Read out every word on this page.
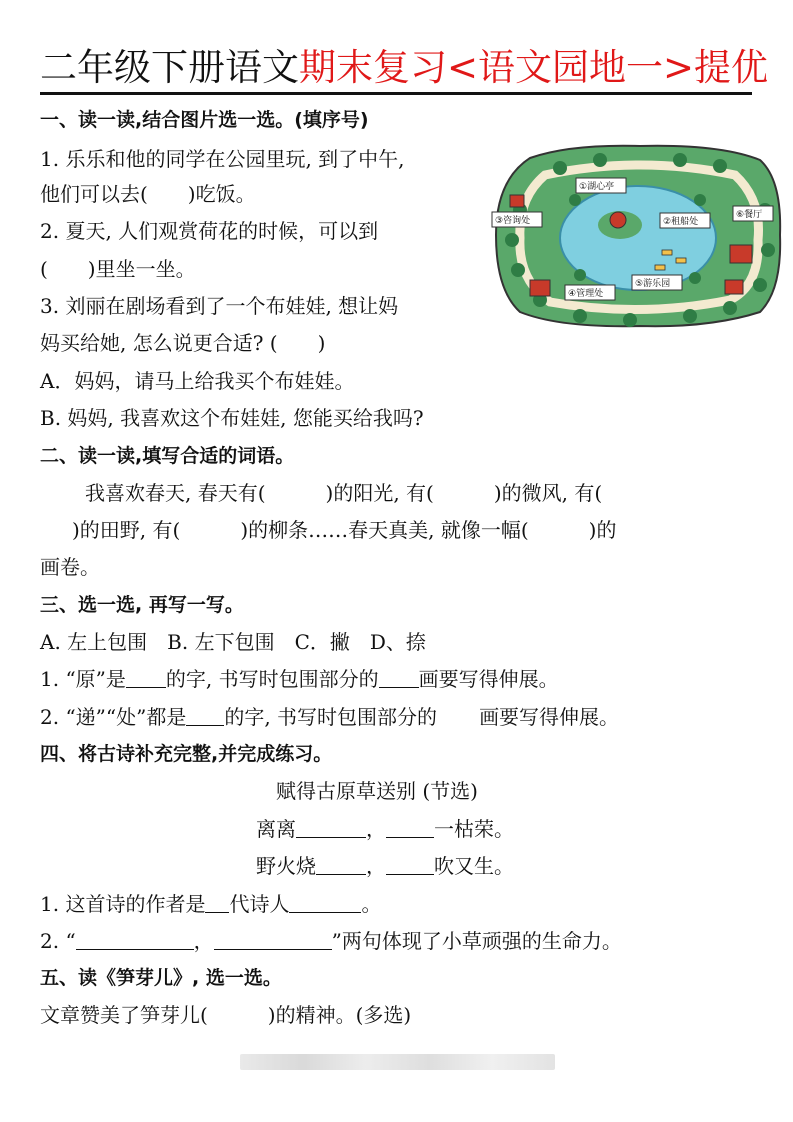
二年级下册语文期末复习<语文园地一>提优
一、读一读,结合图片选一选。(填序号)
1. 乐乐和他的同学在公园里玩, 到了中午,
他们可以去(　　)吃饭。
2. 夏天, 人们观赏荷花的时候，可以到
(　　)里坐一坐。
3. 刘丽在剧场看到了一个布娃娃, 想让妈
妈买给她, 怎么说更合适? (　　)
A．妈妈，请马上给我买个布娃娃。
B. 妈妈, 我喜欢这个布娃娃, 您能买给我吗?
①湖心亭
②租船处
③咨询处
④管理处
⑤游乐园
⑥餐厅
二、读一读,填写合适的词语。
我喜欢春天, 春天有(　　　)的阳光, 有(　　　)的微风, 有(
)的田野, 有(　　　)的柳条……春天真美, 就像一幅(　　　)的
画卷。
三、选一选, 再写一写。
A. 左上包围　B. 左下包围　C．撇　D、捺
1. “原”是 的字, 书写时包围部分的 画要写得伸展。
2. “递”“处”都是 的字, 书写时包围部分的 画要写得伸展。
四、将古诗补充完整,并完成练习。
赋得古原草送别 (节选)
离离	， 一枯荣。
野火烧	， 吹又生。
1. 这首诗的作者是 代诗人	。
2. “	，	”两句体现了小草顽强的生命力。
五、读《笋芽儿》, 选一选。
文章赞美了笋芽儿(　　　)的精神。(多选)
